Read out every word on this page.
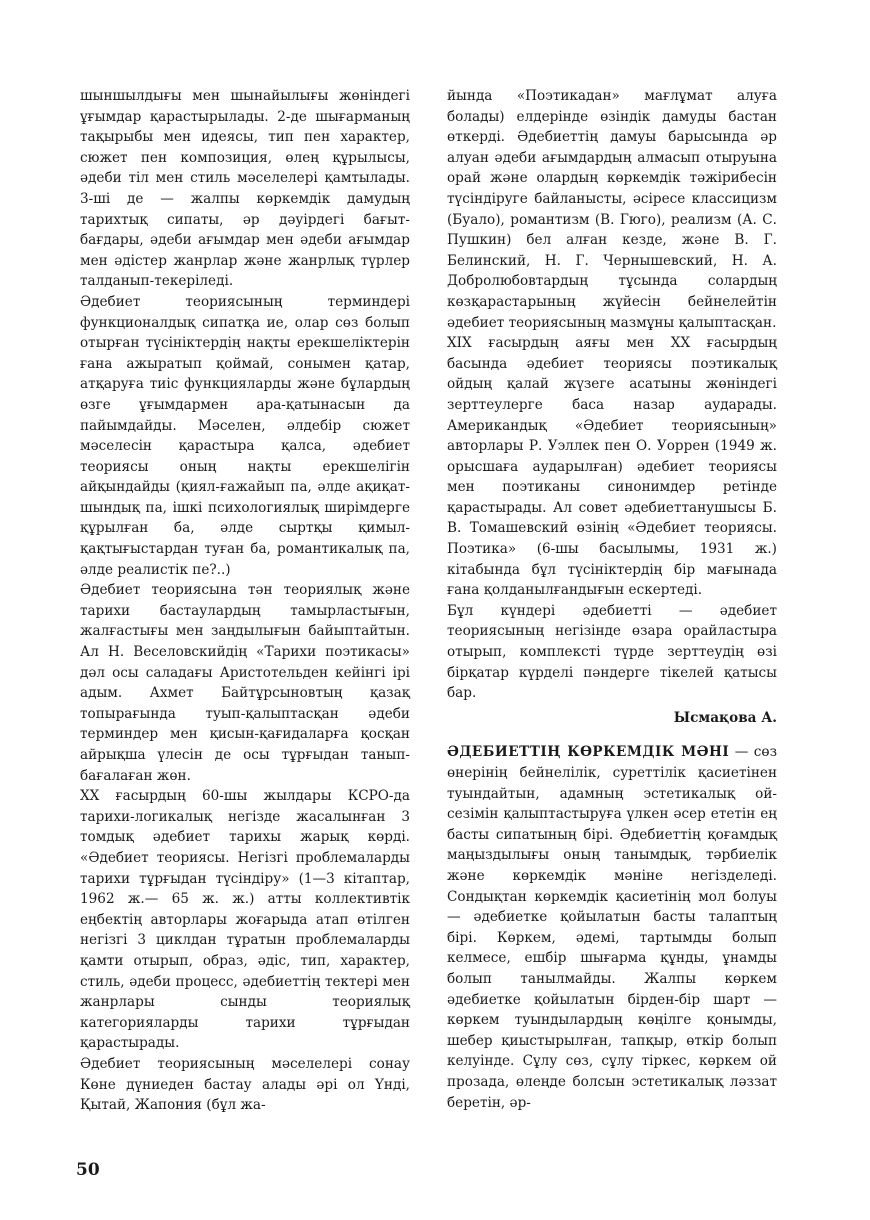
шыншылдығы мен шынайылығы жөніндегі ұғымдар қарастырылады. 2-де шығарманың тақырыбы мен идеясы, тип пен характер, сюжет пен композиция, өлең құрылысы, әдеби тіл мен стиль мәселелері қамтылады. 3-ші де — жалпы көркемдік дамудың тарихтық сипаты, әр дәуірдегі бағыт-бағдары, әдеби ағымдар мен әдеби ағымдар мен әдістер жанрлар және жанрлық түрлер талданып-текеріледі.

Әдебиет теориясының терминдері функционалдық сипатқа ие, олар сөз болып отырған түсініктердің нақты ерекшеліктерін ғана ажыратып қоймай, сонымен қатар, атқаруға тиіс функцияларды және бұлардың өзге ұғымдармен ара-қатынасын да пайымдайды. Мәселен, әлдебір сюжет мәселесін қарастыра қалса, әдебиет теориясы оның нақты ерекшелігін айқындайды (қиял-ғажайып па, әлде ақиқат-шындық па, ішкі психологиялық ширімдерге құрылған ба, әлде сыртқы қимыл-қақтығыстардан туған ба, романтикалық па, әлде реалистік пе?..)

Әдебиет теориясына тән теориялық және тарихи бастаулардың тамырластығын, жалғастығы мен заңдылығын байыптайтын. Ал Н. Веселовскийдің «Тарихи поэтикасы» дәл осы саладағы Аристотельден кейінгі ірі адым. Ахмет Байтұрсыновтың қазақ топырағында туып-қалыптасқан әдеби терминдер мен қисын-қағидаларға қосқан айрықша үлесін де осы тұрғыдан танып-бағалаған жөн.

XX ғасырдың 60-шы жылдары КСРО-да тарихи-логикалық негізде жасалынған 3 томдық әдебиет тарихы жарық көрді. «Әдебиет теориясы. Негізгі проблемаларды тарихи тұрғыдан түсіндіру» (1—3 кітаптар, 1962 ж.— 65 ж. ж.) атты коллективтік еңбектің авторлары жоғарыда атап өтілген негізгі 3 циклдан тұратын проблемаларды қамти отырып, образ, әдіс, тип, характер, стиль, әдеби процесс, әдебиеттің тектері мен жанрлары сынды теориялық категорияларды тарихи тұрғыдан қарастырады.

Әдебиет теориясының мәселелері сонау Көне дүниеден бастау алады әрі ол Үнді, Қытай, Жапония (бұл жа-

йында «Поэтикадан» мағлұмат алуға болады) елдерінде өзіндік дамуды бастан өткерді. Әдебиеттің дамуы барысында әр алуан әдеби ағымдардың алмасып отыруына орай және олардың көркемдік тәжірибесін түсіндіруге байланысты, әсіресе классицизм (Буало), романтизм (В. Гюго), реализм (А. С. Пушкин) бел алған кезде, және В. Г. Белинский, Н. Г. Чернышевский, Н. А. Добролюбовтардың тұсында солардың көзқарастарының жүйесін бейнелейтін әдебиет теориясының мазмұны қалыптасқан.

XIX ғасырдың аяғы мен XX ғасырдың басында әдебиет теориясы поэтикалық ойдың қалай жүзеге асатыны жөніндегі зерттеулерге баса назар аударады. Американдық «Әдебиет теориясының» авторлары Р. Уэллек пен О. Уоррен (1949 ж. орысшаға аударылған) әдебиет теориясы мен поэтиканы синонимдер ретінде қарастырады. Ал совет әдебиеттанушысы Б. В. Томашевский өзінің «Әдебиет теориясы. Поэтика» (6-шы басылымы, 1931 ж.) кітабында бұл түсініктердің бір мағынада ғана қолданылғандығын ескертеді.

Бұл күндері әдебиетті — әдебиет теориясының негізінде өзара орайластыра отырып, комплексті түрде зерттеудің өзі бірқатар күрделі пәндерге тікелей қатысы бар.

Ысмақова А.

ӘДЕБИЕТТІҢ КӨРКЕМДІК МӘНІ — сөз өнерінің бейнелілік, суреттілік қасиетінен туындайтын, адамның эстетикалық ой-сезімін қалыптастыруға үлкен әсер ететін ең басты сипатының бірі. Әдебиеттің қоғамдық маңыздылығы оның танымдық, тәрбиелік және көркемдік мәніне негізделеді. Сондықтан көркемдік қасиетінің мол болуы — әдебиетке қойылатын басты талаптың бірі. Көркем, әдемі, тартымды болып келмесе, ешбір шығарма құнды, ұнамды болып танылмайды. Жалпы көркем әдебиетке қойылатын бірден-бір шарт — көркем туындылардың көңілге қонымды, шебер қиыстырылған, тапқыр, өткір болып келуінде. Сұлу сөз, сұлу тіркес, көркем ой прозада, өлеңде болсын эстетикалық ләззат беретін, әр-

50
